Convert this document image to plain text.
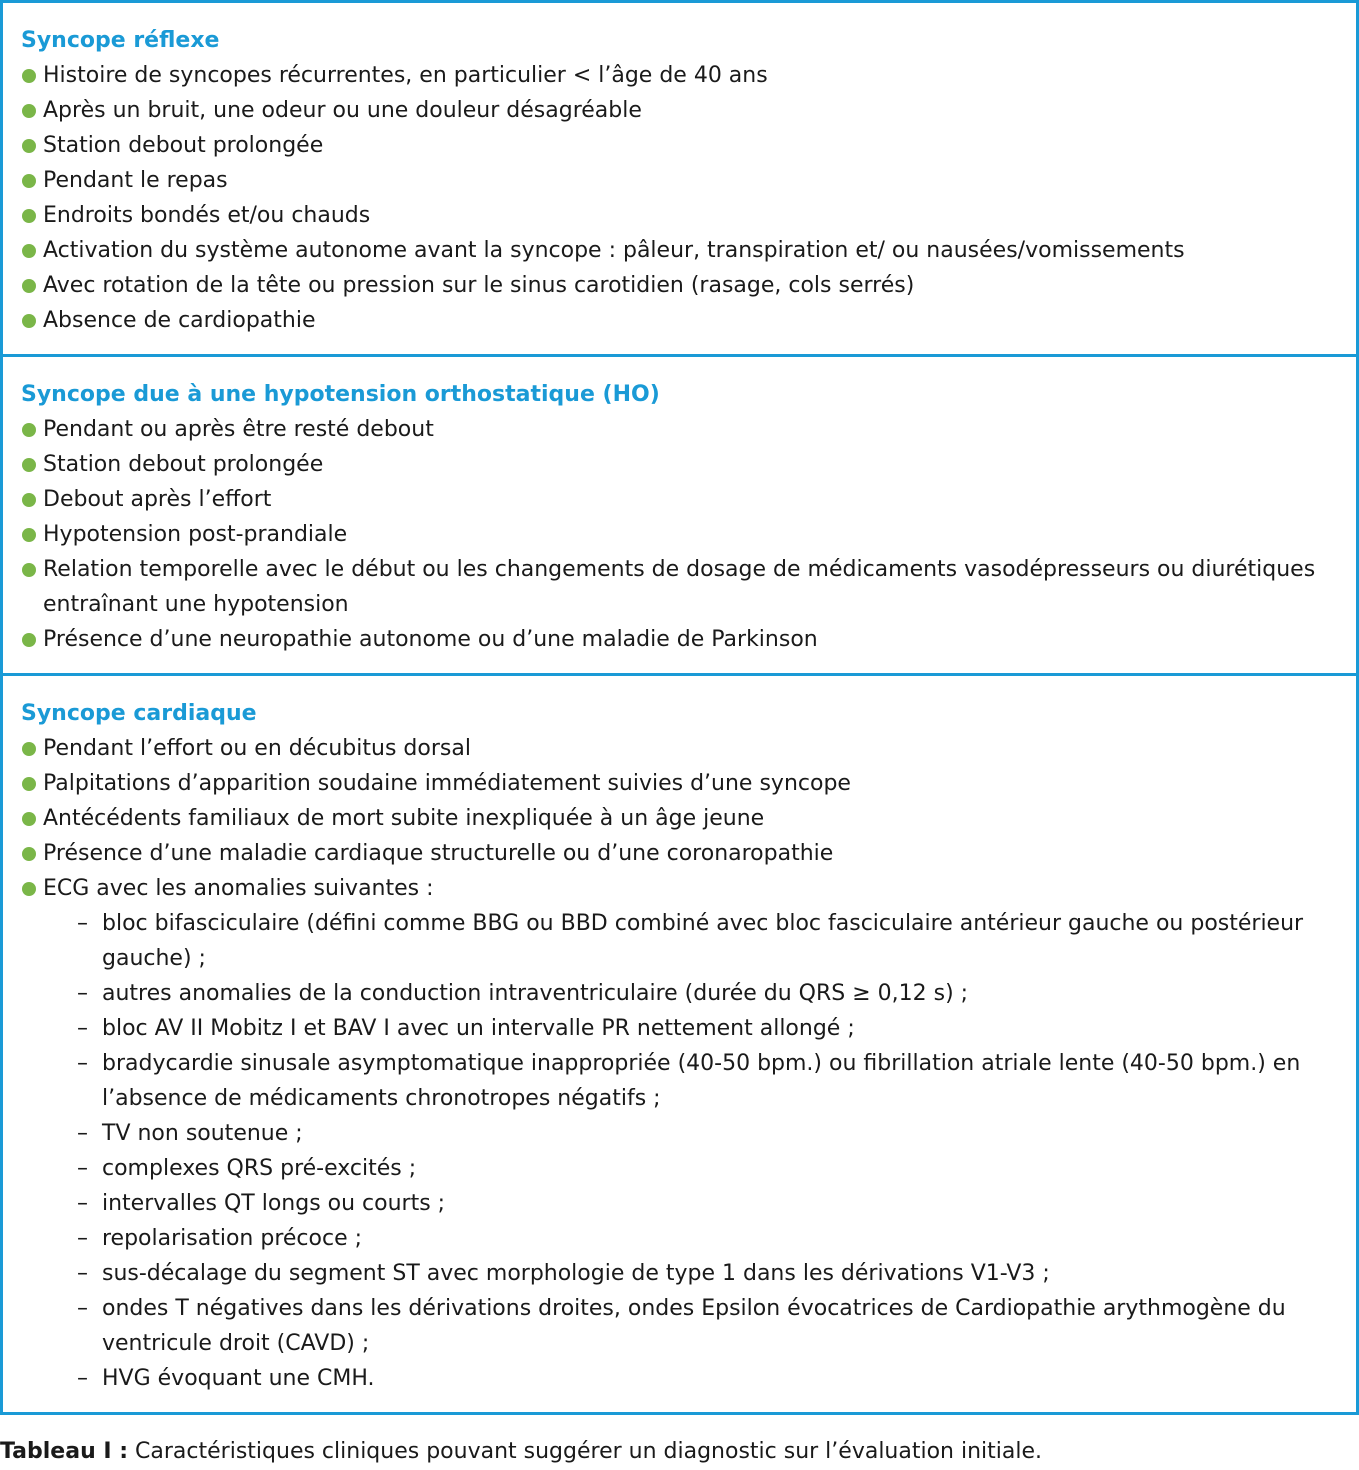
Syncope réflexe
Histoire de syncopes récurrentes, en particulier < l’âge de 40 ans
Après un bruit, une odeur ou une douleur désagréable
Station debout prolongée
Pendant le repas
Endroits bondés et/ou chauds
Activation du système autonome avant la syncope : pâleur, transpiration et/ ou nausées/vomissements
Avec rotation de la tête ou pression sur le sinus carotidien (rasage, cols serrés)
Absence de cardiopathie
Syncope due à une hypotension orthostatique (HO)
Pendant ou après être resté debout
Station debout prolongée
Debout après l’effort
Hypotension post-prandiale
Relation temporelle avec le début ou les changements de dosage de médicaments vasodépresseurs ou diurétiques entraînant une hypotension
Présence d’une neuropathie autonome ou d’une maladie de Parkinson
Syncope cardiaque
Pendant l’effort ou en décubitus dorsal
Palpitations d’apparition soudaine immédiatement suivies d’une syncope
Antécédents familiaux de mort subite inexpliquée à un âge jeune
Présence d’une maladie cardiaque structurelle ou d’une coronaropathie
ECG avec les anomalies suivantes :
– bloc bifasciculaire (défini comme BBG ou BBD combiné avec bloc fasciculaire antérieur gauche ou postérieur gauche) ;
– autres anomalies de la conduction intraventriculaire (durée du QRS ≥ 0,12 s) ;
– bloc AV II Mobitz I et BAV I avec un intervalle PR nettement allongé ;
– bradycardie sinusale asymptomatique inappropriée (40-50 bpm.) ou fibrillation atriale lente (40-50 bpm.) en l’absence de médicaments chronotropes négatifs ;
– TV non soutenue ;
– complexes QRS pré-excités ;
– intervalles QT longs ou courts ;
– repolarisation précoce ;
– sus-décalage du segment ST avec morphologie de type 1 dans les dérivations V1-V3 ;
– ondes T négatives dans les dérivations droites, ondes Epsilon évocatrices de Cardiopathie arythmogène du ventricule droit (CAVD) ;
– HVG évoquant une CMH.
Tableau I : Caractéristiques cliniques pouvant suggérer un diagnostic sur l’évaluation initiale.
